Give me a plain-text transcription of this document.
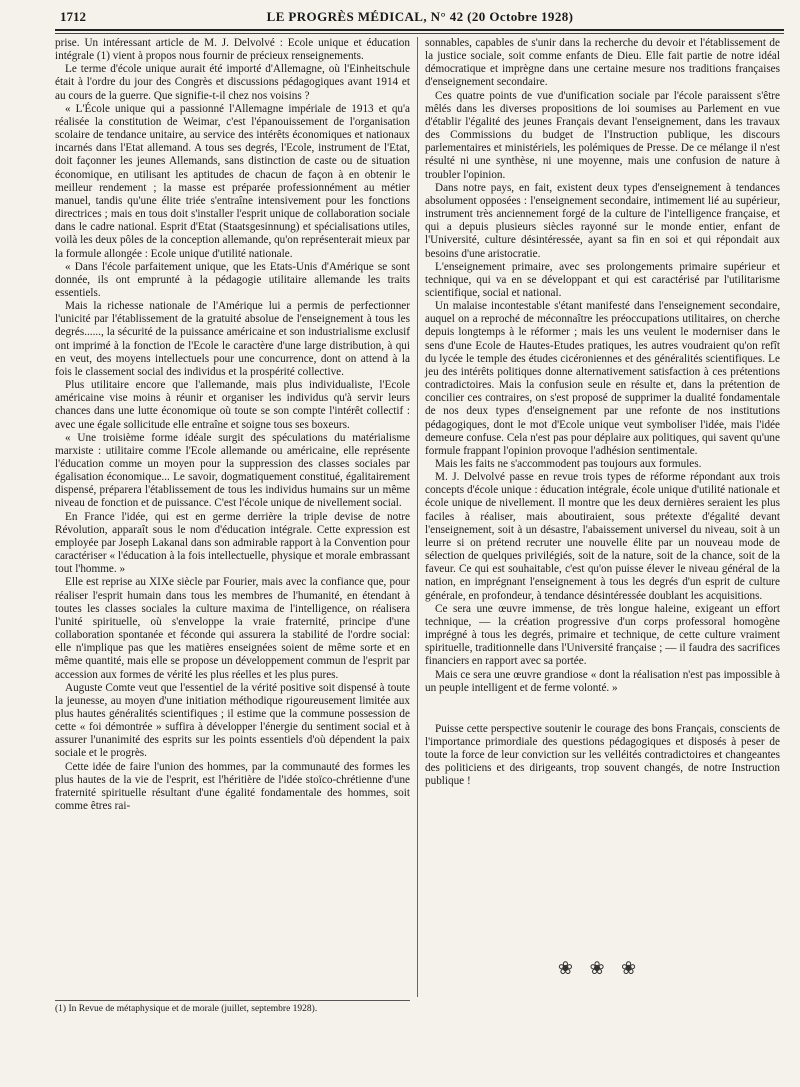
1712	LE PROGRÈS MÉDICAL, N° 42 (20 Octobre 1928)

prise. Un intéressant article de M. J. Delvolvé : Ecole unique et éducation intégrale (1) vient à propos nous fournir de précieux renseignements.

Le terme d'école unique aurait été importé d'Allemagne, où l'Einheitschule était à l'ordre du jour des Congrès et discussions pédagogiques avant 1914 et au cours de la guerre. Que signifie-t-il chez nos voisins ?

« L'École unique qui a passionné l'Allemagne impériale de 1913 et qu'a réalisée la constitution de Weimar, c'est l'épanouissement de l'organisation scolaire de tendance unitaire, au service des intérêts économiques et nationaux incarnés dans l'Etat allemand. A tous ses degrés, l'Ecole, instrument de l'Etat, doit façonner les jeunes Allemands, sans distinction de caste ou de situation économique, en utilisant les aptitudes de chacun de façon à en obtenir le meilleur rendement ; la masse est préparée professionnément au métier manuel, tandis qu'une élite triée s'entraîne intensivement pour les fonctions directrices ; mais en tous doit s'installer l'esprit unique de collaboration sociale dans le cadre national. Esprit d'Etat (Staatsgesinnung) et spécialisations utiles, voilà les deux pôles de la conception allemande, qu'on représenterait mieux par la formule allongée : Ecole unique d'utilité nationale.

« Dans l'école parfaitement unique, que les Etats-Unis d'Amérique se sont donnée, ils ont emprunté à la pédagogie utilitaire allemande les traits essentiels.

Mais la richesse nationale de l'Amérique lui a permis de perfectionner l'unicité par l'établissement de la gratuité absolue de l'enseignement à tous les degrés......, la sécurité de la puissance américaine et son industrialisme exclusif ont imprimé à la fonction de l'Ecole le caractère d'une large distribution, à qui en veut, des moyens intellectuels pour une concurrence, dont on attend à la fois le classement social des individus et la prospérité collective.

Plus utilitaire encore que l'allemande, mais plus individualiste, l'Ecole américaine vise moins à réunir et organiser les individus qu'à servir leurs chances dans une lutte économique où toute se son compte l'intérêt collectif : avec une égale sollicitude elle entraîne et soigne tous ses boxeurs.

« Une troisième forme idéale surgit des spéculations du matérialisme marxiste : utilitaire comme l'Ecole allemande ou américaine, elle représente l'éducation comme un moyen pour la suppression des classes sociales par égalisation économique... Le savoir, dogmatiquement constitué, égalitairement dispensé, préparera l'établissement de tous les individus humains sur un même niveau de fonction et de puissance. C'est l'école unique de nivellement social.

En France l'idée, qui est en germe derrière la triple devise de notre Révolution, apparaît sous le nom d'éducation intégrale. Cette expression est employée par Joseph Lakanal dans son admirable rapport à la Convention pour caractériser « l'éducation à la fois intellectuelle, physique et morale embrassant tout l'homme. »

Elle est reprise au XIXe siècle par Fourier, mais avec la confiance que, pour réaliser l'esprit humain dans tous les membres de l'humanité, en étendant à toutes les classes sociales la culture maxima de l'intelligence, on réalisera l'unité spirituelle, où s'enveloppe la vraie fraternité, principe d'une collaboration spontanée et féconde qui assurera la stabilité de l'ordre social: elle n'implique pas que les matières enseignées soient de même sorte et en même quantité, mais elle se propose un développement commun de l'esprit par accession aux formes de vérité les plus réelles et les plus pures.

Auguste Comte veut que l'essentiel de la vérité positive soit dispensé à toute la jeunesse, au moyen d'une initiation méthodique rigoureusement limitée aux plus hautes généralités scientifiques ; il estime que la commune possession de cette « foi démontrée » suffira à développer l'énergie du sentiment social et à assurer l'unanimité des esprits sur les points essentiels d'où dépendent la paix sociale et le progrès.

Cette idée de faire l'union des hommes, par la communauté des formes les plus hautes de la vie de l'esprit, est l'héritière de l'idée stoïco-chrétienne d'une fraternité spirituelle résultant d'une égalité fondamentale des hommes, soit comme êtres rai-

sonnables, capables de s'unir dans la recherche du devoir et l'établissement de la justice sociale, soit comme enfants de Dieu. Elle fait partie de notre idéal démocratique et imprègne dans une certaine mesure nos traditions françaises d'enseignement secondaire.

Ces quatre points de vue d'unification sociale par l'école paraissent s'être mêlés dans les diverses propositions de loi soumises au Parlement en vue d'établir l'égalité des jeunes Français devant l'enseignement, dans les travaux des Commissions du budget de l'Instruction publique, les discours parlementaires et ministériels, les polémiques de Presse. De ce mélange il n'est résulté ni une synthèse, ni une moyenne, mais une confusion de nature à troubler l'opinion.

Dans notre pays, en fait, existent deux types d'enseignement à tendances absolument opposées : l'enseignement secondaire, intimement lié au supérieur, instrument très anciennement forgé de la culture de l'intelligence française, et qui a depuis plusieurs siècles rayonné sur le monde entier, enfant de l'Université, culture désintéressée, ayant sa fin en soi et qui répondait aux besoins d'une aristocratie.

L'enseignement primaire, avec ses prolongements primaire supérieur et technique, qui va en se développant et qui est caractérisé par l'utilitarisme scientifique, social et national.

Un malaise incontestable s'étant manifesté dans l'enseignement secondaire, auquel on a reproché de méconnaître les préoccupations utilitaires, on cherche depuis longtemps à le réformer ; mais les uns veulent le moderniser dans le sens d'une Ecole de Hautes-Etudes pratiques, les autres voudraient qu'on refît du lycée le temple des études cicéroniennes et des généralités scientifiques. Le jeu des intérêts politiques donne alternativement satisfaction à ces prétentions contradictoires. Mais la confusion seule en résulte et, dans la prétention de concilier ces contraires, on s'est proposé de supprimer la dualité fondamentale de nos deux types d'enseignement par une refonte de nos institutions pédagogiques, dont le mot d'Ecole unique veut symboliser l'idée, mais l'idée demeure confuse. Cela n'est pas pour déplaire aux politiques, qui savent qu'une formule frappant l'opinion provoque l'adhésion sentimentale.

Mais les faits ne s'accommodent pas toujours aux formules.

M. J. Delvolvé passe en revue trois types de réforme répondant aux trois concepts d'école unique : éducation intégrale, école unique d'utilité nationale et école unique de nivellement. Il montre que les deux dernières seraient les plus faciles à réaliser, mais aboutiraient, sous prétexte d'égalité devant l'enseignement, soit à un désastre, l'abaissement universel du niveau, soit à un leurre si on prétend recruter une nouvelle élite par un nouveau mode de sélection de quelques privilégiés, soit de la nature, soit de la chance, soit de la faveur. Ce qui est souhaitable, c'est qu'on puisse élever le niveau général de la nation, en imprégnant l'enseignement à tous les degrés d'un esprit de culture générale, en profondeur, à tendance désintéressée doublant les acquisitions.

Ce sera une œuvre immense, de très longue haleine, exigeant un effort technique, — la création progressive d'un corps professoral homogène imprégné à tous les degrés, primaire et technique, de cette culture vraiment spirituelle, traditionnelle dans l'Université française ; — il faudra des sacrifices financiers en rapport avec sa portée.

Mais ce sera une œuvre grandiose « dont la réalisation n'est pas impossible à un peuple intelligent et de ferme volonté. »

Puisse cette perspective soutenir le courage des bons Français, conscients de l'importance primordiale des questions pédagogiques et disposés à peser de toute la force de leur conviction sur les velléités contradictoires et changeantes des politiciens et des dirigeants, trop souvent changés, de notre Instruction publique !

❀ ❀ ❀
(1) In Revue de métaphysique et de morale (juillet, septembre 1928).
